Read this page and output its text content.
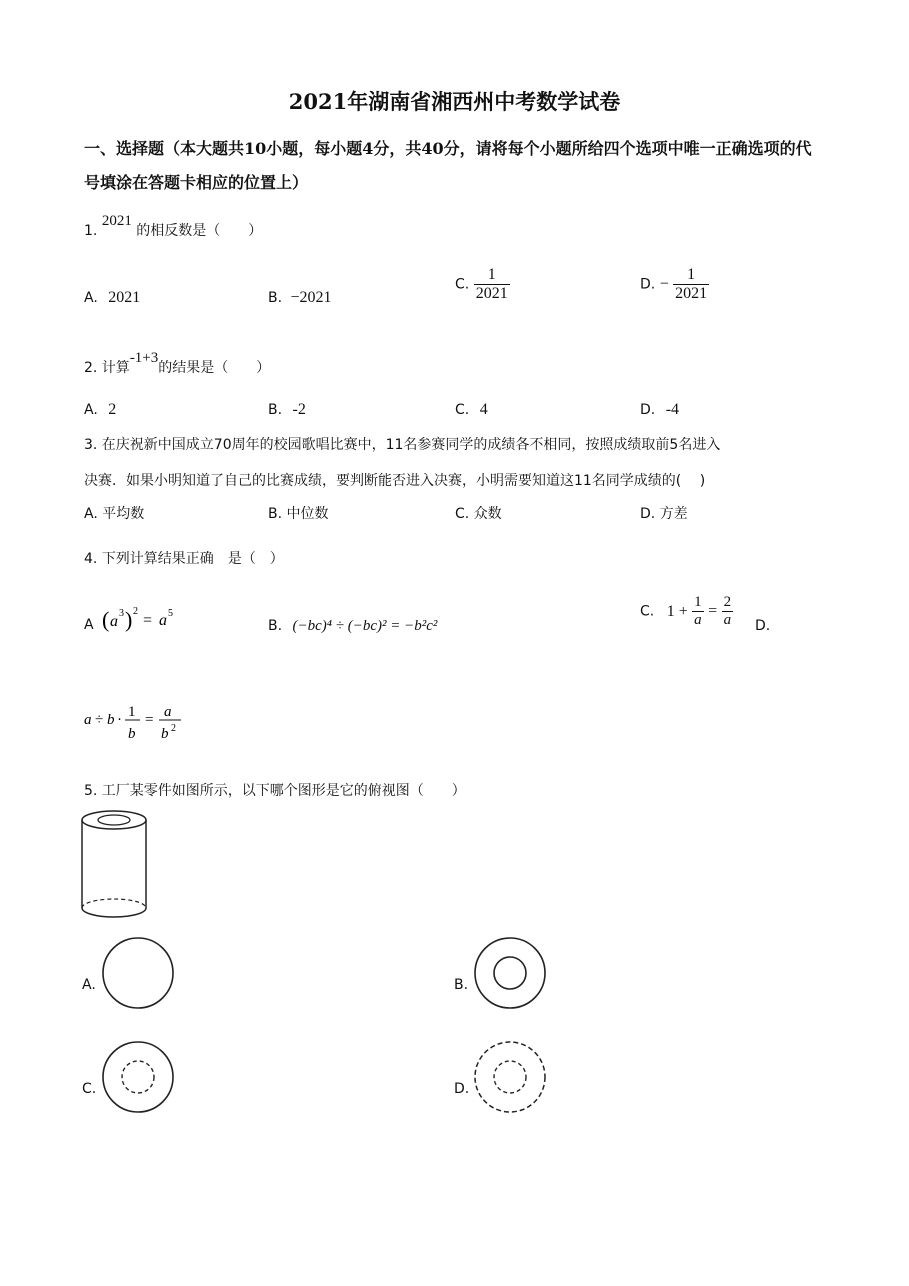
2021年湖南省湘西州中考数学试卷
一、选择题（本大题共10小题，每小题4分，共40分，请将每个小题所给四个选项中唯一正确选项的代号填涂在答题卡相应的位置上）
1. 2021 的相反数是（　　）
A. 2021	B. −2021
C. $\frac{1}{2021}$	D. − $\frac{1}{2021}$
2. 计算-1+3的结果是（　　）
A. 2	B. -2	C. 4	D. -4
3. 在庆祝新中国成立70周年的校园歌唱比赛中，11名参赛同学的成绩各不相同，按照成绩取前5名进入
决赛．如果小明知道了自己的比赛成绩，要判断能否进入决赛，小明需要知道这11名同学成绩的(　 )
A. 平均数	B. 中位数	C. 众数	D. 方差
4. 下列计算结果正确　是（　）
A ( a 3 ) 2
= a 5
B. (−bc)⁴ ÷ (−bc)² = −b²c²
C. $1 + \frac{1}{a} = \frac{2}{a} D$.
a ÷ b · 1
b
= a
b 2
5. 工厂某零件如图所示，以下哪个图形是它的俯视图（　　）
A.	B.
C.	D.
